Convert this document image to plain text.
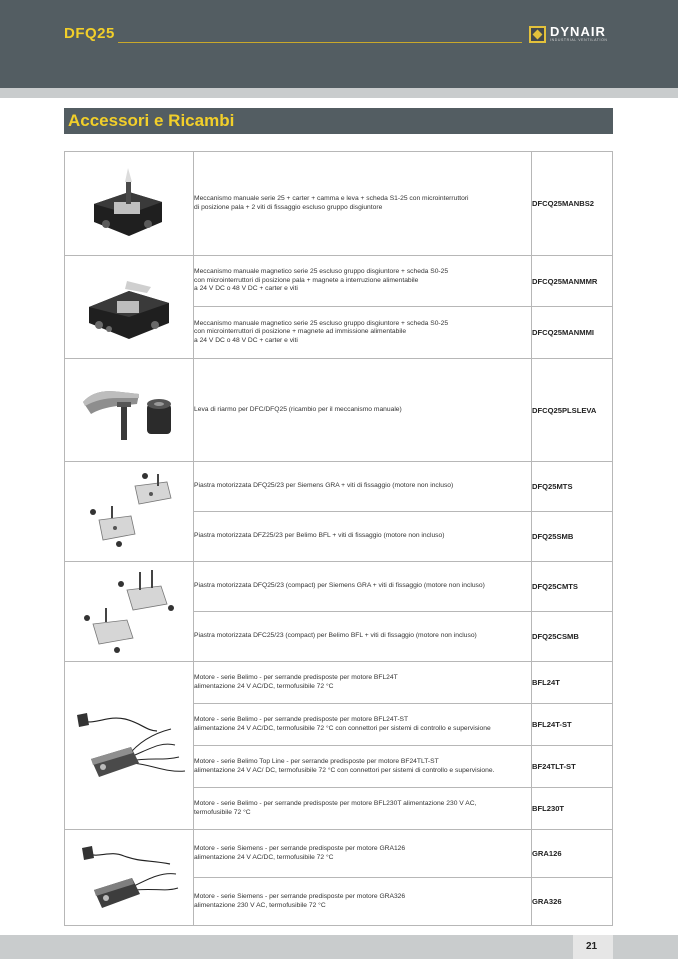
DFQ25	DYNAIR
INDUSTRIAL VENTILATION
Accessori e Ricambi

Meccanismo manuale serie 25 + carter + camma e leva + scheda S1-25 con microinterruttori
di posizione pala + 2 viti di fissaggio escluso gruppo disgiuntore	DFCQ25MANBS2

Meccanismo manuale magnetico serie 25 escluso gruppo disgiuntore + scheda S0-25
con microinterruttori di posizione pala + magnete a interruzione alimentabile
a 24 V DC o 48 V DC + carter e viti	DFCQ25MANMMR

	Meccanismo manuale magnetico serie 25 escluso gruppo disgiuntore + scheda S0-25
con microinterruttori di posizione + magnete ad immissione alimentabile
a 24 V DC o 48 V DC + carter e viti	DFCQ25MANMMI

Leva di riarmo per DFC/DFQ25 (ricambio per il meccanismo manuale)	DFCQ25PLSLEVA

Piastra motorizzata DFQ25/23 per Siemens GRA + viti di fissaggio (motore non incluso)	DFQ25MTS

	Piastra motorizzata DFZ25/23 per Belimo BFL + viti di fissaggio (motore non incluso)	DFQ25SMB

Piastra motorizzata DFQ25/23 (compact) per Siemens GRA + viti di fissaggio (motore non incluso)	DFQ25CMTS

	Piastra motorizzata DFC25/23 (compact) per Belimo BFL + viti di fissaggio (motore non incluso)	DFQ25CSMB

Motore - serie Belimo - per serrande predisposte per motore BFL24T
alimentazione 24 V AC/DC, termofusibile 72 °C	BFL24T

	Motore - serie Belimo - per serrande predisposte per motore BFL24T-ST
alimentazione 24 V AC/DC, termofusibile 72 °C con connettori per sistemi di controllo e supervisione	BFL24T-ST

	Motore - serie Belimo Top Line - per serrande predisposte per motore BF24TLT-ST
alimentazione 24 V AC/ DC, termofusibile 72 °C con connettori per sistemi di controllo e supervisione.	BF24TLT-ST

	Motore - serie Belimo - per serrande predisposte per motore BFL230T alimentazione 230 V AC,
termofusibile 72 °C	BFL230T

Motore - serie Siemens - per serrande predisposte per motore GRA126
alimentazione 24 V AC/DC, termofusibile 72 °C	GRA126

	Motore - serie Siemens - per serrande predisposte per motore GRA326
alimentazione 230 V AC, termofusibile 72 °C	GRA326
21
